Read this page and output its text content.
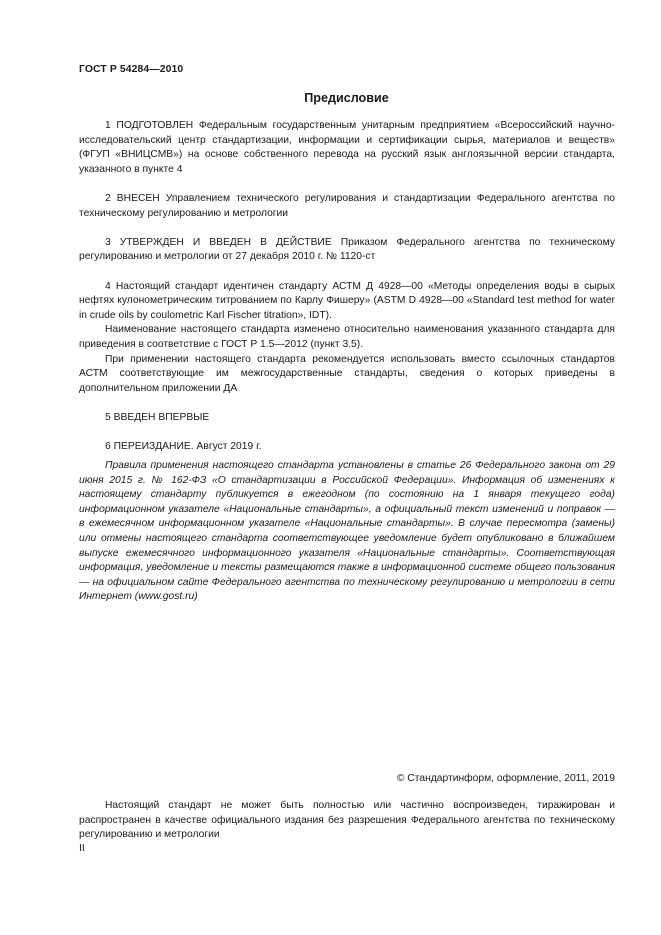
ГОСТ Р 54284—2010
Предисловие

1 ПОДГОТОВЛЕН Федеральным государственным унитарным предприятием «Всероссийский научно-исследовательский центр стандартизации, информации и сертификации сырья, материалов и веществ» (ФГУП «ВНИЦСМВ») на основе собственного перевода на русский язык англоязычной версии стандарта, указанного в пункте 4

2 ВНЕСЕН Управлением технического регулирования и стандартизации Федерального агентства по техническому регулированию и метрологии

3 УТВЕРЖДЕН И ВВЕДЕН В ДЕЙСТВИЕ Приказом Федерального агентства по техническому регулированию и метрологии от 27 декабря 2010 г. № 1120-ст

4 Настоящий стандарт идентичен стандарту АСТМ Д 4928—00 «Методы определения воды в сырых нефтях кулонометрическим титрованием по Карлу Фишеру» (ASTM D 4928—00 «Standard test method for water in crude oils by coulometric Karl Fischer titration», IDT).

Наименование настоящего стандарта изменено относительно наименования указанного стандарта для приведения в соответствие с ГОСТ Р 1.5—2012 (пункт 3.5).

При применении настоящего стандарта рекомендуется использовать вместо ссылочных стандартов АСТМ соответствующие им межгосударственные стандарты, сведения о которых приведены в дополнительном приложении ДА

5 ВВЕДЕН ВПЕРВЫЕ

6 ПЕРЕИЗДАНИЕ. Август 2019 г.

Правила применения настоящего стандарта установлены в статье 26 Федерального закона от 29 июня 2015 г. № 162-ФЗ «О стандартизации в Российской Федерации». Информация об изменениях к настоящему стандарту публикуется в ежегодном (по состоянию на 1 января текущего года) информационном указателе «Национальные стандарты», а официальный текст изменений и поправок — в ежемесячном информационном указателе «Национальные стандарты». В случае пересмотра (замены) или отмены настоящего стандарта соответствующее уведомление будет опубликовано в ближайшем выпуске ежемесячного информационного указателя «Национальные стандарты». Соответствующая информация, уведомление и тексты размещаются также в информационной системе общего пользования — на официальном сайте Федерального агентства по техническому регулированию и метрологии в сети Интернет (www.gost.ru)

© Стандартинформ, оформление, 2011, 2019

Настоящий стандарт не может быть полностью или частично воспроизведен, тиражирован и распространен в качестве официального издания без разрешения Федерального агентства по техническому регулированию и метрологии

II
